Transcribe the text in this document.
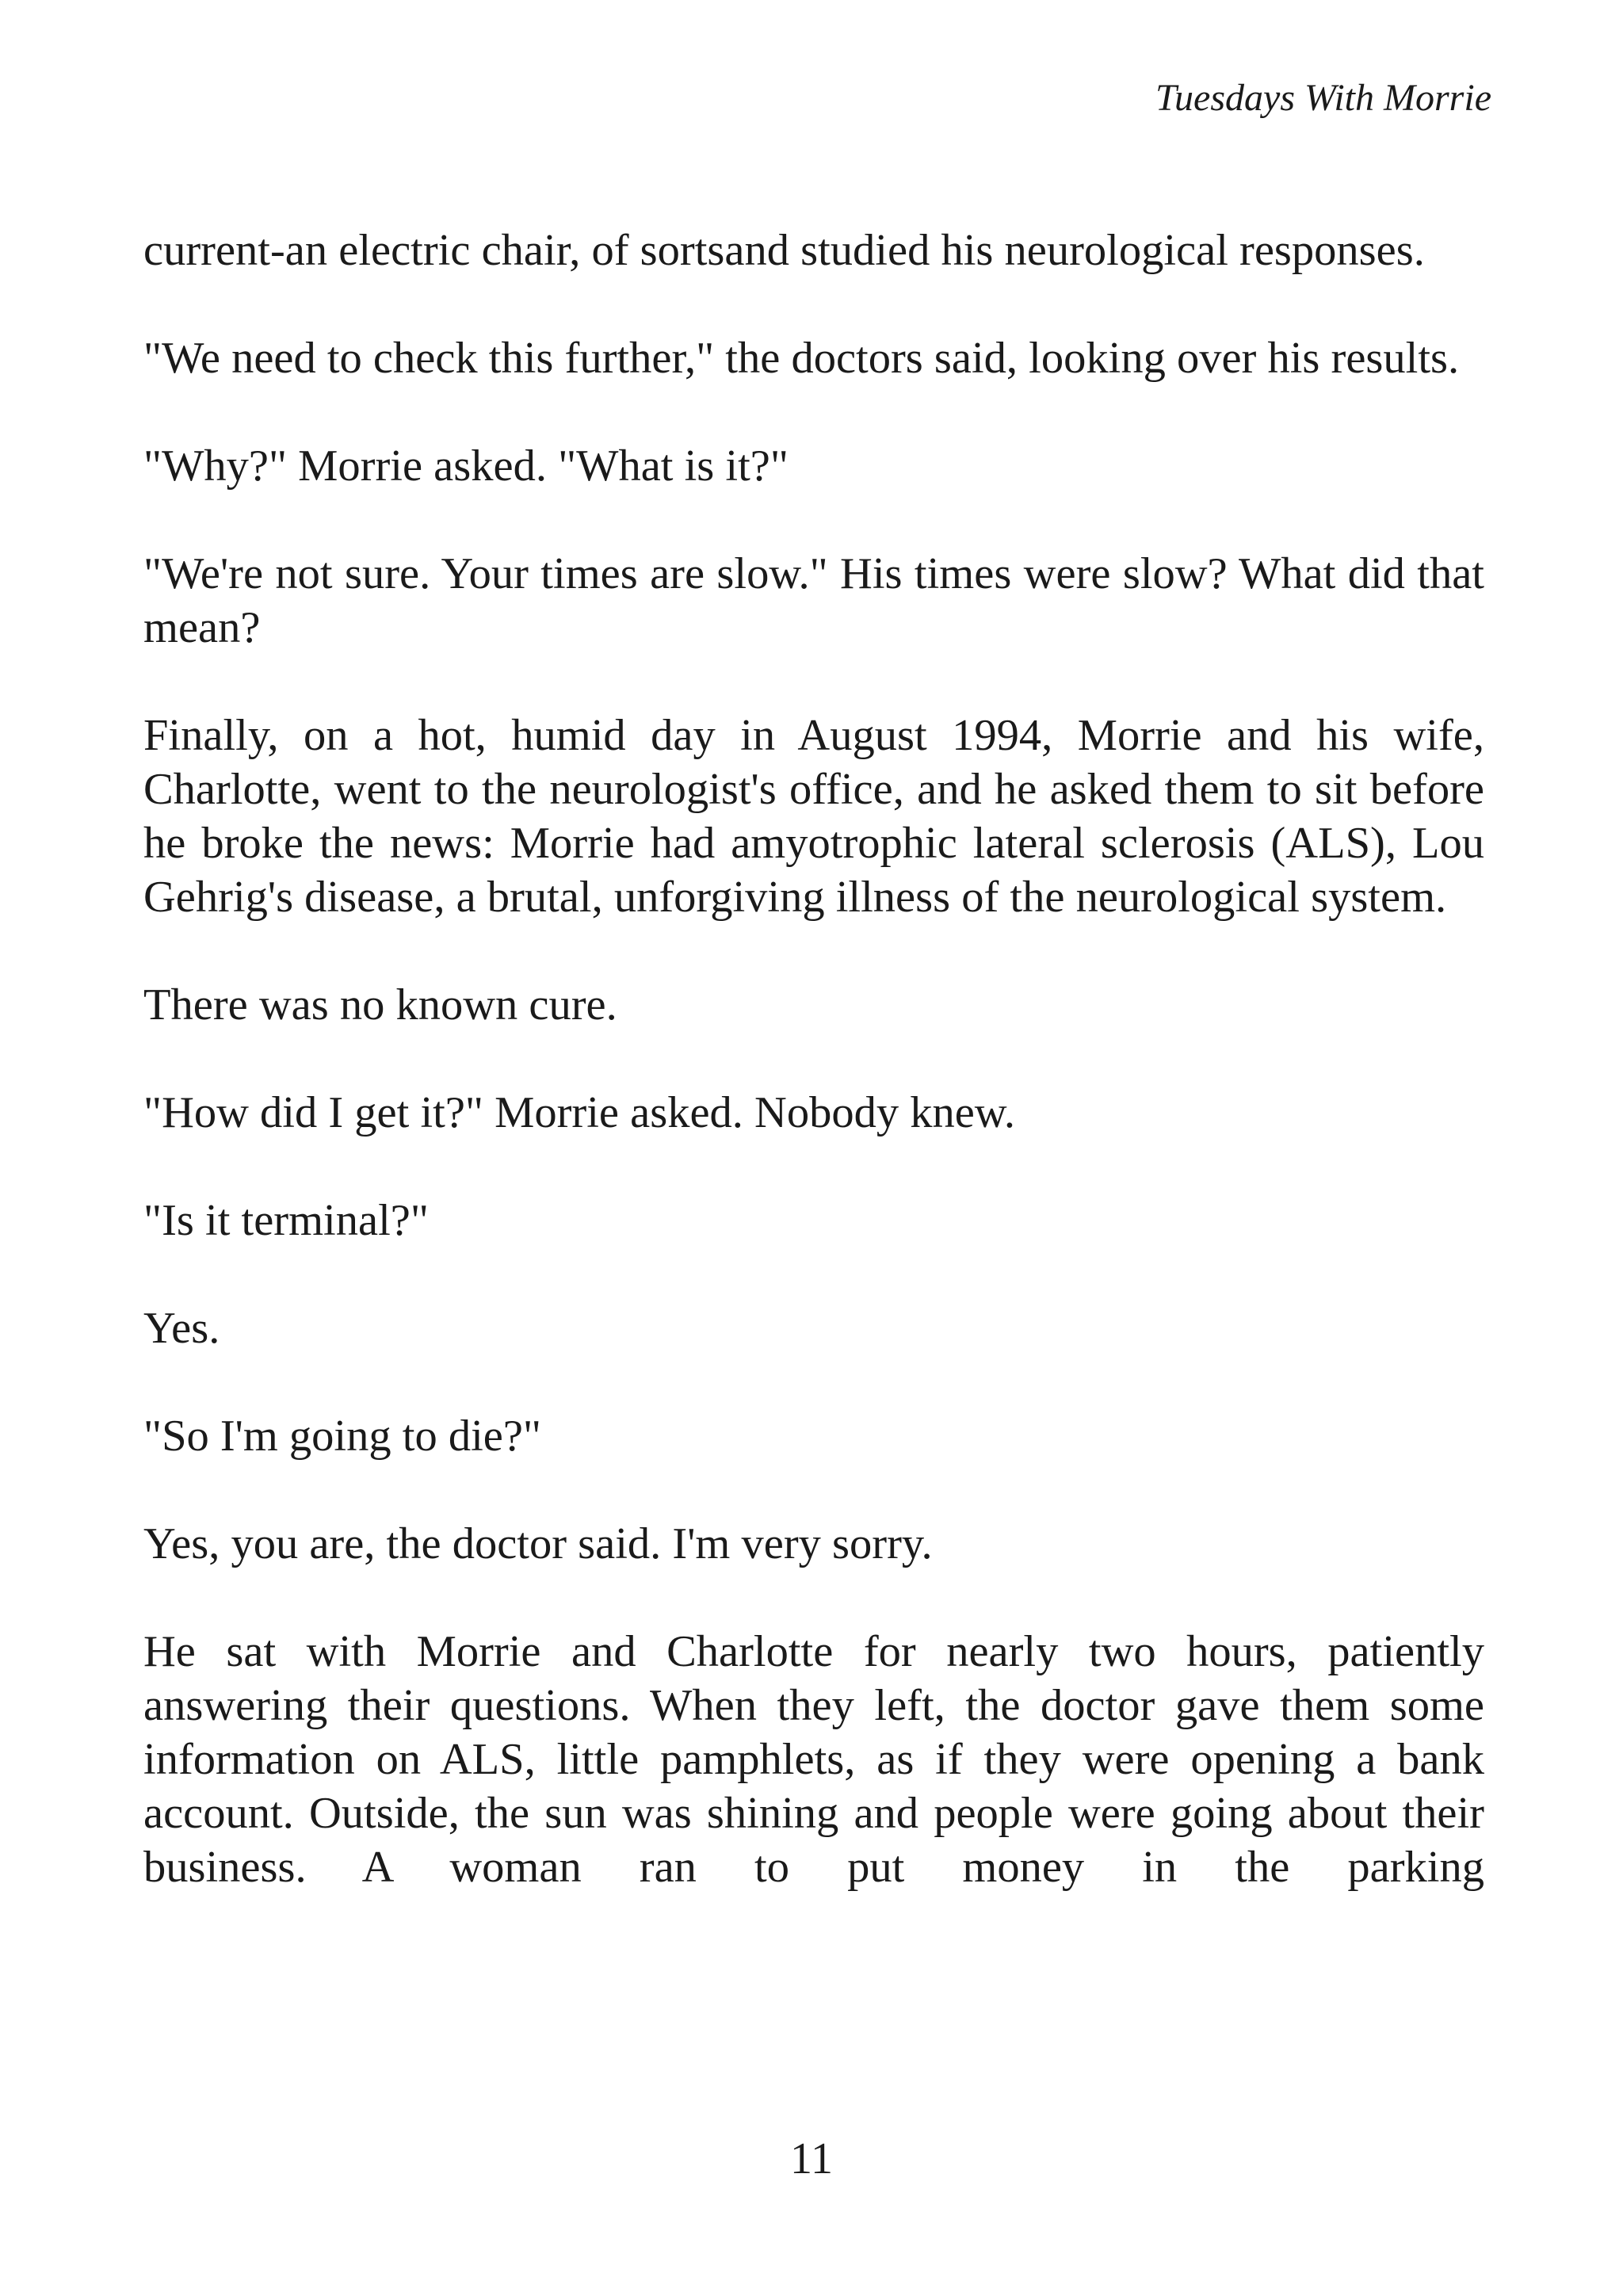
Tuesdays With Morrie

current-an electric chair, of sortsand studied his neurological responses.

"We need to check this further," the doctors said, looking over his results.

"Why?" Morrie asked. "What is it?"

"We're not sure. Your times are slow." His times were slow? What did that mean?

Finally, on a hot, humid day in August 1994, Morrie and his wife, Charlotte, went to the neurologist's office, and he asked them to sit before he broke the news: Morrie had amyotrophic lateral sclerosis (ALS), Lou Gehrig's disease, a brutal, unforgiving illness of the neurological system.

There was no known cure.

"How did I get it?" Morrie asked. Nobody knew.

"Is it terminal?"

Yes.

"So I'm going to die?"

Yes, you are, the doctor said. I'm very sorry.

He sat with Morrie and Charlotte for nearly two hours, patiently answering their questions. When they left, the doctor gave them some information on ALS, little pamphlets, as if they were opening a bank account. Outside, the sun was shining and people were going about their business. A woman ran to put money in the parking

11
